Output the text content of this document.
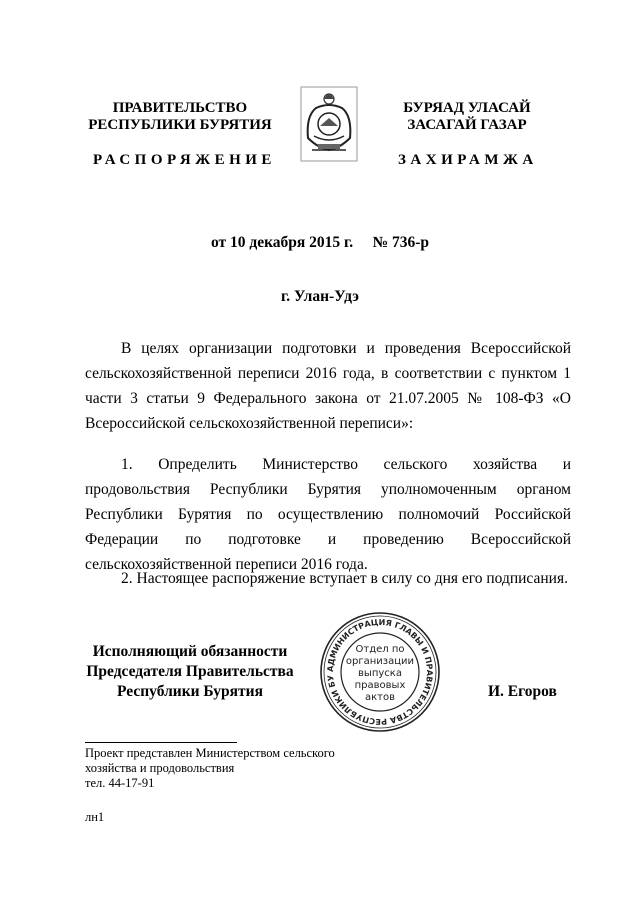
ПРАВИТЕЛЬСТВО
РЕСПУБЛИКИ БУРЯТИЯ
РАСПОРЯЖЕНИЕ
БУРЯАД УЛАСАЙ
ЗАСАГАЙ ГАЗАР
ЗАХИРАМЖА
от 10 декабря 2015 г. № 736-р
г. Улан-Удэ
В целях организации подготовки и проведения Всероссийской сельскохозяйственной переписи 2016 года, в соответствии с пунктом 1 части 3 статьи 9 Федерального закона от 21.07.2005 № 108-ФЗ «О Всероссийской сельскохозяйственной переписи»:
1. Определить Министерство сельского хозяйства и продовольствия Республики Бурятия уполномоченным органом Республики Бурятия по осуществлению полномочий Российской Федерации по подготовке и проведению Всероссийской сельскохозяйственной переписи 2016 года.
2. Настоящее распоряжение вступает в силу со дня его подписания.
Исполняющий обязанности
Председателя Правительства
Республики Бурятия	И. Егоров
АДМИНИСТРАЦИЯ ГЛАВЫ И ПРАВИТЕЛЬСТВА РЕСПУБЛИКИ БУ
Отдел по
организации
выпуска
правовых
актов
Проект представлен Министерством сельского
хозяйства и продовольствия
тел. 44-17-91
лн1
